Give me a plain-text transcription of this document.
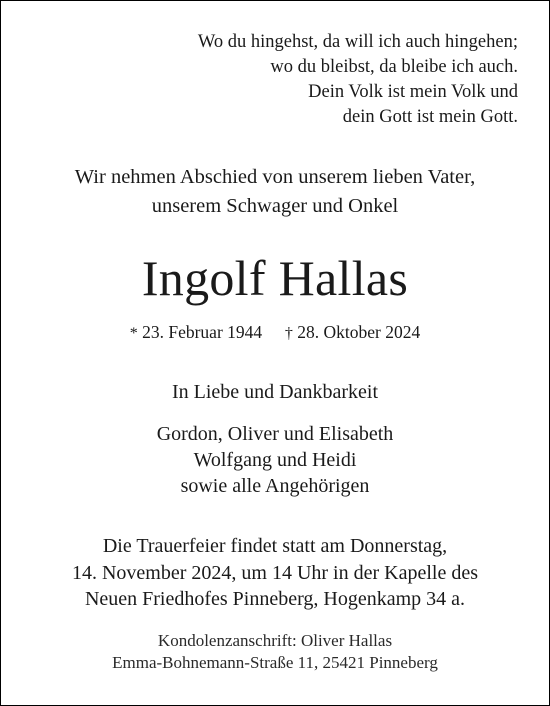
Wo du hingehst, da will ich auch hingehen;
wo du bleibst, da bleibe ich auch.
Dein Volk ist mein Volk und
dein Gott ist mein Gott.
Wir nehmen Abschied von unserem lieben Vater,
unserem Schwager und Onkel
Ingolf Hallas
* 23. Februar 1944 † 28. Oktober 2024
In Liebe und Dankbarkeit
Gordon, Oliver und Elisabeth
Wolfgang und Heidi
sowie alle Angehörigen
Die Trauerfeier findet statt am Donnerstag,
14. November 2024, um 14 Uhr in der Kapelle des
Neuen Friedhofes Pinneberg, Hogenkamp 34 a.
Kondolenzanschrift: Oliver Hallas
Emma-Bohnemann-Straße 11, 25421 Pinneberg
